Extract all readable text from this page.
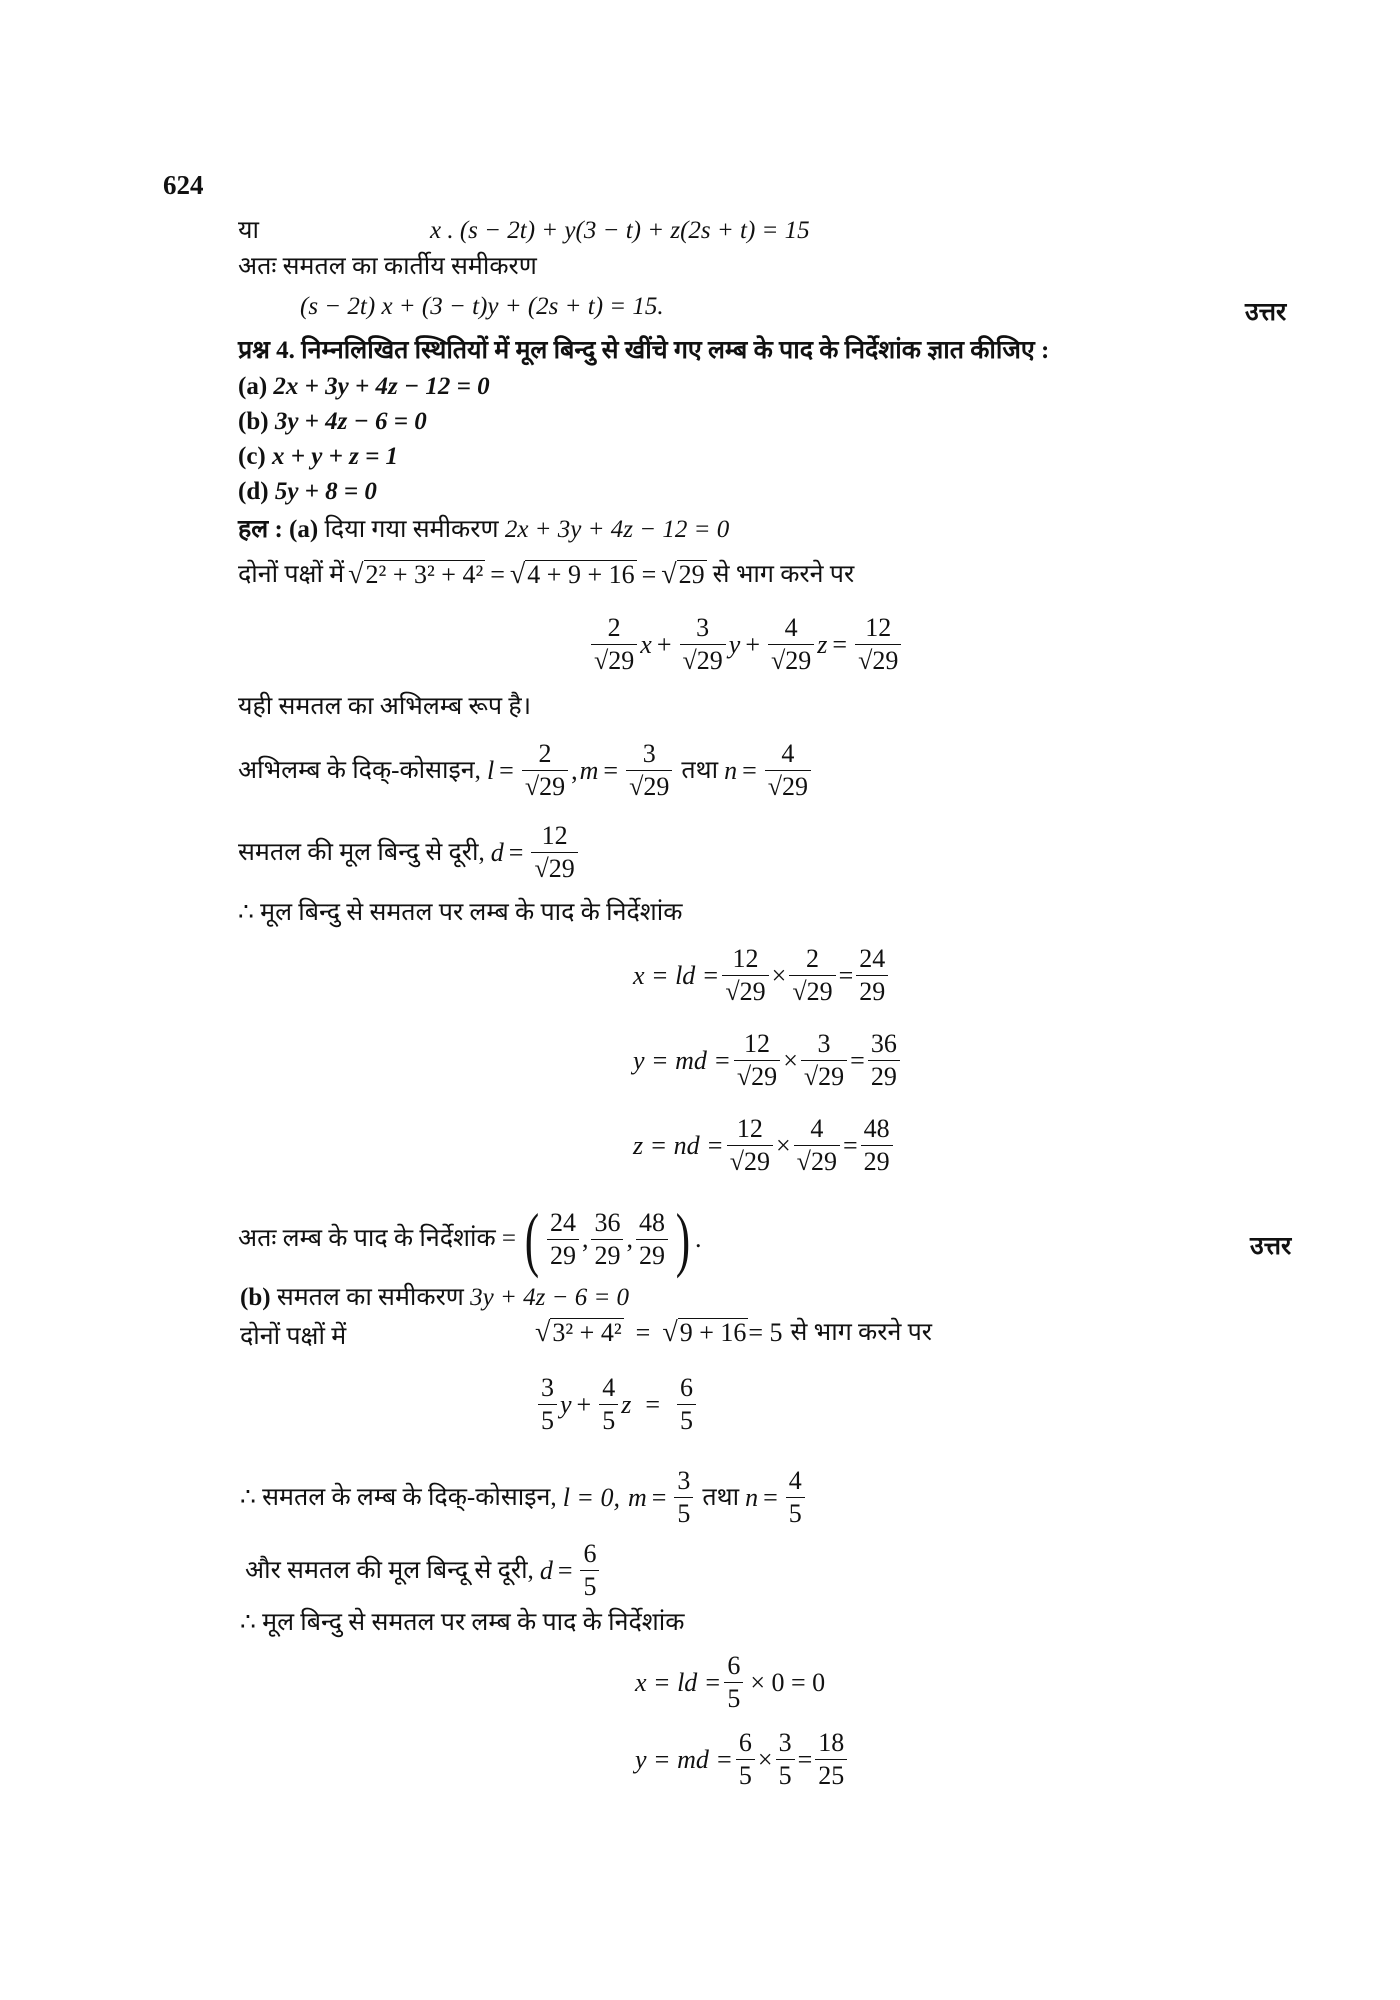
624
या	x . (s − 2t) + y(3 − t) + z(2s + t) = 15
अतः समतल का कार्तीय समीकरण
(s − 2t) x + (3 − t)y + (2s + t) = 15.	उत्तर
प्रश्न 4. निम्नलिखित स्थितियों में मूल बिन्दु से खींचे गए लम्ब के पाद के निर्देशांक ज्ञात कीजिए :
(a) 2x + 3y + 4z − 12 = 0
(b) 3y + 4z − 6 = 0
(c) x + y + z = 1
(d) 5y + 8 = 0
हल : (a) दिया गया समीकरण 2x + 3y + 4z − 12 = 0
दोनों पक्षों में √ 2² + 3² + 4² = √ 4 + 9 + 16 = √ 29 से भाग करने पर
$\frac{2}{√29}$ $x + \frac{3}{√29}$ $y + \frac{4}{√29}$ $z = \frac{12}{√29}$
यही समतल का अभिलम्ब रूप है।
अभिलम्ब के दिक्-कोसाइन, $l = \frac{2}{√29}$ , $m = \frac{3}{√29}$ तथा $n = \frac{4}{√29}$
समतल की मूल बिन्दु से दूरी, $d = \frac{12}{√29}$
∴ मूल बिन्दु से समतल पर लम्ब के पाद के निर्देशांक
x = ld = $\frac{12}{√29} \times \frac{2}{√29} = \frac{24}{29}$
y = md = $\frac{12}{√29} \times \frac{3}{√29} = \frac{36}{29}$
z = nd = $\frac{12}{√29} \times \frac{4}{√29} = \frac{48}{29}$
अतः लम्ब के पाद के निर्देशांक = ( $\frac{24}{29}$ , $\frac{36}{29}$ , $\frac{48}{29}$ ) .	उत्तर
(b) समतल का समीकरण 3y + 4z − 6 = 0
दोनों पक्षों में	√ 3² + 4² = √ 9 + 16 = 5 से भाग करने पर
$\frac{3}{5}$ $y + \frac{4}{5}$ $z = \frac{6}{5}$
∴ समतल के लम्ब के दिक्-कोसाइन, l = 0, $m = \frac{3}{5}$ तथा $n = \frac{4}{5}$
और समतल की मूल बिन्दू से दूरी, $d = \frac{6}{5}$
∴ मूल बिन्दु से समतल पर लम्ब के पाद के निर्देशांक
x = ld = $\frac{6}{5} \times 0 = 0$
y = md = $\frac{6}{5} \times \frac{3}{5} = \frac{18}{25}$
